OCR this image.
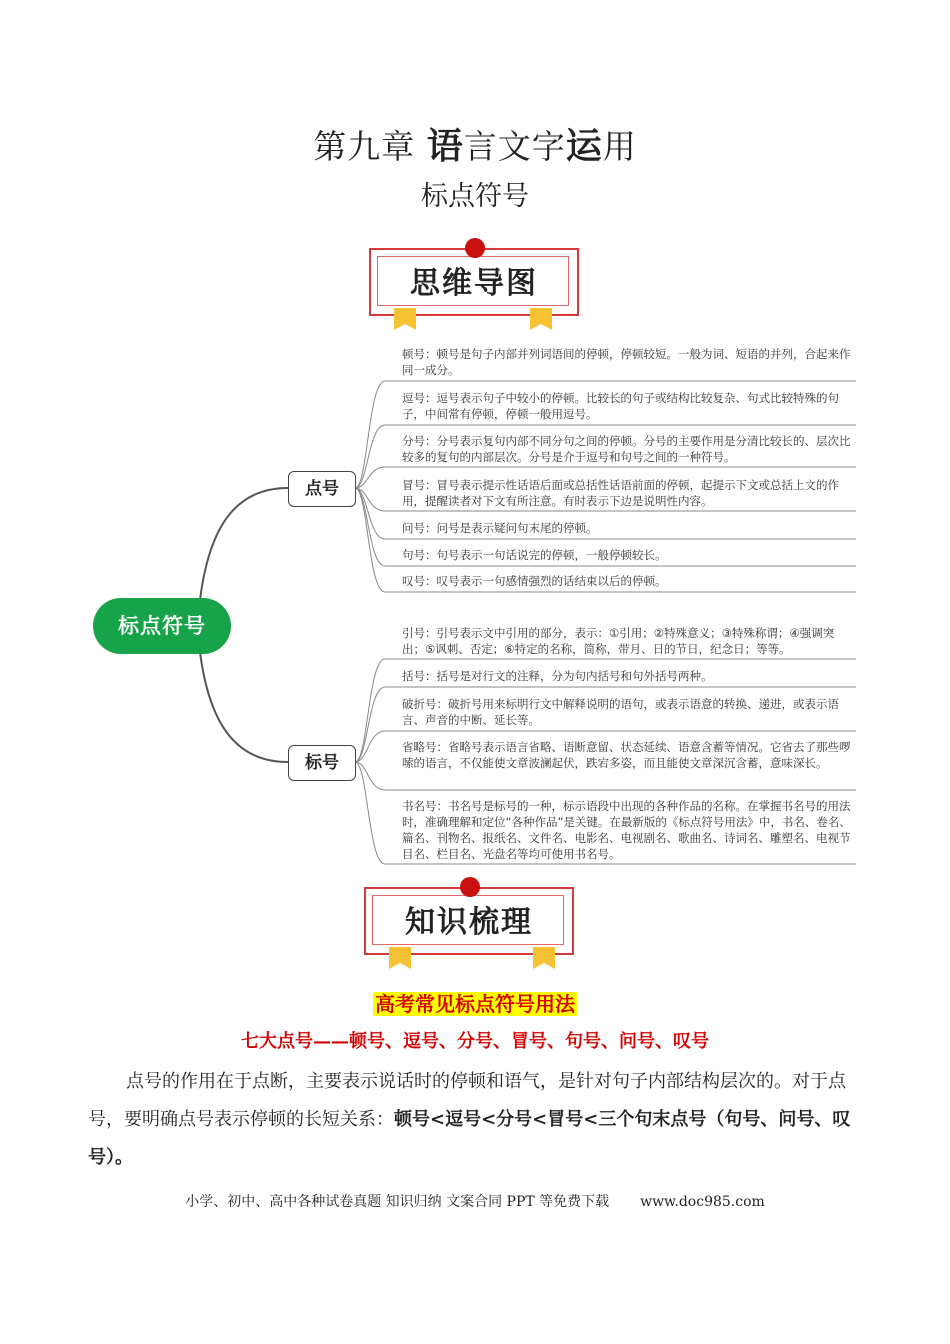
第九章 语言文字运用
标点符号
思维导图
标点符号
点号
标号
顿号：顿号是句子内部并列词语间的停顿，停顿较短。一般为词、短语的并列，合起来作同一成分。
逗号：逗号表示句子中较小的停顿。比较长的句子或结构比较复杂、句式比较特殊的句子，中间常有停顿，停顿一般用逗号。
分号：分号表示复句内部不同分句之间的停顿。分号的主要作用是分清比较长的、层次比较多的复句的内部层次。分号是介于逗号和句号之间的一种符号。
冒号：冒号表示提示性话语后面或总括性话语前面的停顿，起提示下文或总括上文的作用，提醒读者对下文有所注意。有时表示下边是说明性内容。
问号：问号是表示疑问句末尾的停顿。
句号：句号表示一句话说完的停顿，一般停顿较长。
叹号：叹号表示一句感情强烈的话结束以后的停顿。
引号：引号表示文中引用的部分，表示：①引用；②特殊意义；③特殊称谓；④强调突出；⑤讽刺、否定；⑥特定的名称，简称，带月、日的节日，纪念日；等等。
括号：括号是对行文的注释，分为句内括号和句外括号两种。
破折号：破折号用来标明行文中解释说明的语句，或表示语意的转换、递进，或表示语言、声音的中断、延长等。
省略号：省略号表示语言省略、语断意留、状态延续、语意含蓄等情况。它省去了那些啰嗦的语言，不仅能使文章波澜起伏，跌宕多姿，而且能使文章深沉含蓄，意味深长。
书名号：书名号是标号的一种，标示语段中出现的各种作品的名称。在掌握书名号的用法时，准确理解和定位“各种作品”是关键。在最新版的《标点符号用法》中，书名、卷名、篇名、刊物名、报纸名、文件名、电影名、电视剧名、歌曲名、诗词名、雕塑名、电视节目名、栏目名、光盘名等均可使用书名号。
知识梳理
高考常见标点符号用法
七大点号——顿号、逗号、分号、冒号、句号、问号、叹号
点号的作用在于点断，主要表示说话时的停顿和语气，是针对句子内部结构层次的。对于点号，要明确点号表示停顿的长短关系：顿号<逗号<分号<冒号<三个句末点号（句号、问号、叹号）。
小学、初中、高中各种试卷真题 知识归纳 文案合同 PPT 等免费下载 www.doc985.com
